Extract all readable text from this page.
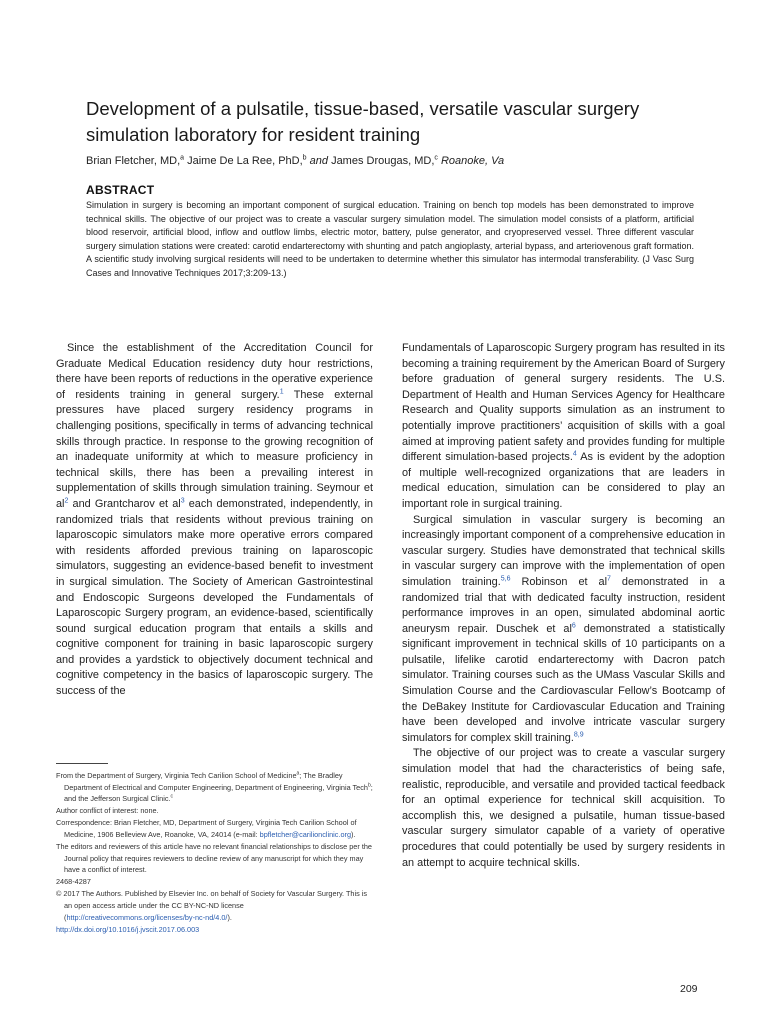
Development of a pulsatile, tissue-based, versatile vascular surgery simulation laboratory for resident training
Brian Fletcher, MD,$^a$ Jaime De La Ree, PhD,$^b$ and James Drougas, MD,$^c$ Roanoke, Va
ABSTRACT

Simulation in surgery is becoming an important component of surgical education. Training on bench top models has been demonstrated to improve technical skills. The objective of our project was to create a vascular surgery simulation model. The simulation model consists of a platform, artificial blood reservoir, artificial blood, inflow and outflow limbs, electric motor, battery, pulse generator, and cryopreserved vessel. Three different vascular surgery simulation stations were created: carotid endarterectomy with shunting and patch angioplasty, arterial bypass, and arteriovenous graft formation. A scientific study involving surgical residents will need to be undertaken to determine whether this simulator has intermodal transferability. (J Vasc Surg Cases and Innovative Techniques 2017;3:209-13.)

Since the establishment of the Accreditation Council for Graduate Medical Education residency duty hour restrictions, there have been reports of reductions in the operative experience of residents training in general surgery.$^1$ These external pressures have placed surgery residency programs in challenging positions, specifically in terms of advancing technical skills through practice. In response to the growing recognition of an inadequate uniformity at which to measure proficiency in technical skills, there has been a prevailing interest in supplementation of skills through simulation training. Seymour et $al^2$ and Grantcharov et $al^3$ each demonstrated, independently, in randomized trials that residents without previous training on laparoscopic simulators make more operative errors compared with residents afforded previous training on laparoscopic simulators, suggesting an evidence-based benefit to investment in surgical simulation. The Society of American Gastrointestinal and Endoscopic Surgeons developed the Fundamentals of Laparoscopic Surgery program, an evidence-based, scientifically sound surgical education program that entails a skills and cognitive component for training in basic laparoscopic surgery and provides a yardstick to objectively document technical and cognitive competency in the basics of laparoscopic surgery. The success of the

Fundamentals of Laparoscopic Surgery program has resulted in its becoming a training requirement by the American Board of Surgery before graduation of general surgery residents. The U.S. Department of Health and Human Services Agency for Healthcare Research and Quality supports simulation as an instrument to potentially improve practitioners’ acquisition of skills with a goal aimed at improving patient safety and provides funding for multiple different simulation-based projects.$^4$ As is evident by the adoption of multiple well-recognized organizations that are leaders in medical education, simulation can be considered to play an important role in surgical training.

Surgical simulation in vascular surgery is becoming an increasingly important component of a comprehensive education in vascular surgery. Studies have demonstrated that technical skills in vascular surgery can improve with the implementation of open simulation training.$^{5,6}$ Robinson et $al^7$ demonstrated in a randomized trial that with dedicated faculty instruction, resident performance improves in an open, simulated abdominal aortic aneurysm repair. Duschek et $al^6$ demonstrated a statistically significant improvement in technical skills of 10 participants on a pulsatile, lifelike carotid endarterectomy with Dacron patch simulator. Training courses such as the UMass Vascular Skills and Simulation Course and the Cardiovascular Fellow’s Bootcamp of the DeBakey Institute for Cardiovascular Education and Training have been developed and involve intricate vascular surgery simulators for complex skill training.$^{8,9}$

The objective of our project was to create a vascular surgery simulation model that had the characteristics of being safe, realistic, reproducible, and versatile and provided tactical feedback for an optimal experience for technical skill acquisition. To accomplish this, we designed a pulsatile, human tissue-based vascular surgery simulator capable of a variety of operative procedures that could potentially be used by surgery residents in an attempt to acquire technical skills.

From the Department of Surgery, Virginia Tech Carilion School of Medicine$^a$; The Bradley Department of Electrical and Computer Engineering, Department of Engineering, Virginia Tech$^b$; and the Jefferson Surgical Clinic.$^c$

Author conflict of interest: none.

Correspondence: Brian Fletcher, MD, Department of Surgery, Virginia Tech Carilion School of Medicine, 1906 Belleview Ave, Roanoke, VA, 24014 (e-mail: bpfletcher@carilionclinic.org).

The editors and reviewers of this article have no relevant financial relationships to disclose per the Journal policy that requires reviewers to decline review of any manuscript for which they may have a conflict of interest.

2468-4287

© 2017 The Authors. Published by Elsevier Inc. on behalf of Society for Vascular Surgery. This is an open access article under the CC BY-NC-ND license (http://creativecommons.org/licenses/by-nc-nd/4.0/).

http://dx.doi.org/10.1016/j.jvscit.2017.06.003

209
